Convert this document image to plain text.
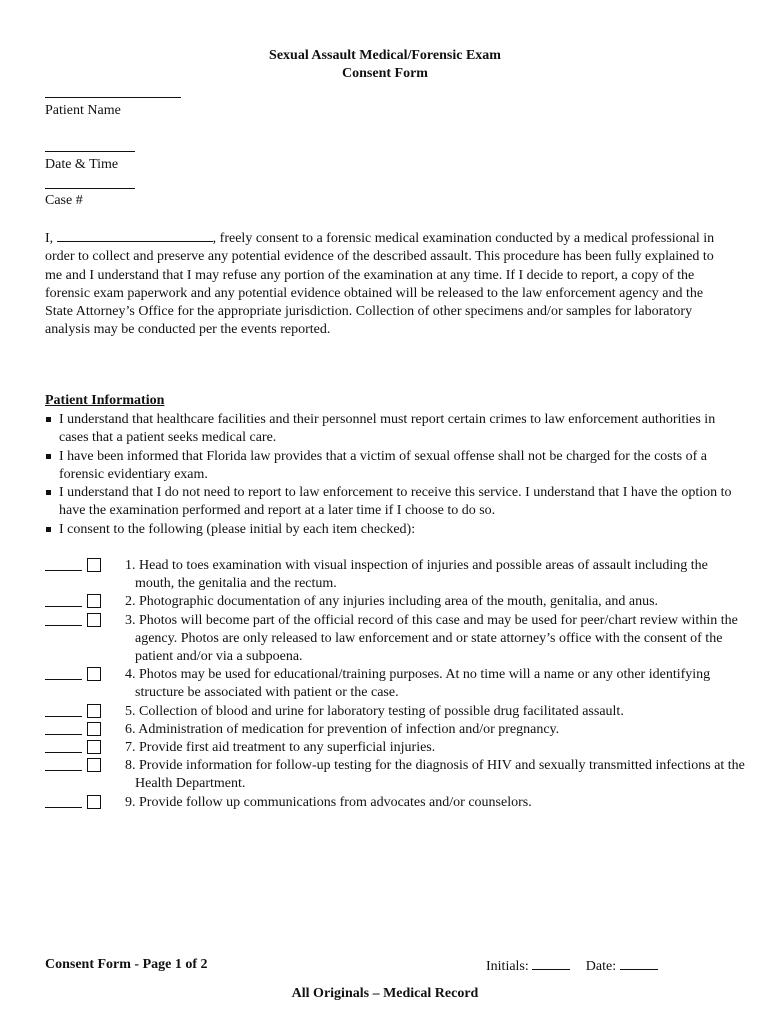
Sexual Assault Medical/Forensic Exam
Consent Form
Patient Name
Date & Time
Case #

I,	, freely consent to a forensic medical examination conducted by a medical professional in order to collect and preserve any potential evidence of the described assault. This procedure has been fully explained to me and I understand that I may refuse any portion of the examination at any time. If I decide to report, a copy of the forensic exam paperwork and any potential evidence obtained will be released to the law enforcement agency and the State Attorney’s Office for the appropriate jurisdiction. Collection of other specimens and/or samples for laboratory analysis may be conducted per the events reported.

Patient Information
I understand that healthcare facilities and their personnel must report certain crimes to law enforcement authorities in cases that a patient seeks medical care.
I have been informed that Florida law provides that a victim of sexual offense shall not be charged for the costs of a forensic evidentiary exam.
I understand that I do not need to report to law enforcement to receive this service. I understand that I have the option to have the examination performed and report at a later time if I choose to do so.
I consent to the following (please initial by each item checked):
1. Head to toes examination with visual inspection of injuries and possible areas of assault including the mouth, the genitalia and the rectum.
2. Photographic documentation of any injuries including area of the mouth, genitalia, and anus.
3. Photos will become part of the official record of this case and may be used for peer/chart review within the agency. Photos are only released to law enforcement and or state attorney’s office with the consent of the patient and/or via a subpoena.
4. Photos may be used for educational/training purposes. At no time will a name or any other identifying structure be associated with patient or the case.
5. Collection of blood and urine for laboratory testing of possible drug facilitated assault.
6. Administration of medication for prevention of infection and/or pregnancy.
7. Provide first aid treatment to any superficial injuries.
8. Provide information for follow-up testing for the diagnosis of HIV and sexually transmitted infections at the Health Department.
9. Provide follow up communications from advocates and/or counselors.
Consent Form - Page 1 of 2	Initials:	Date:
All Originals – Medical Record
